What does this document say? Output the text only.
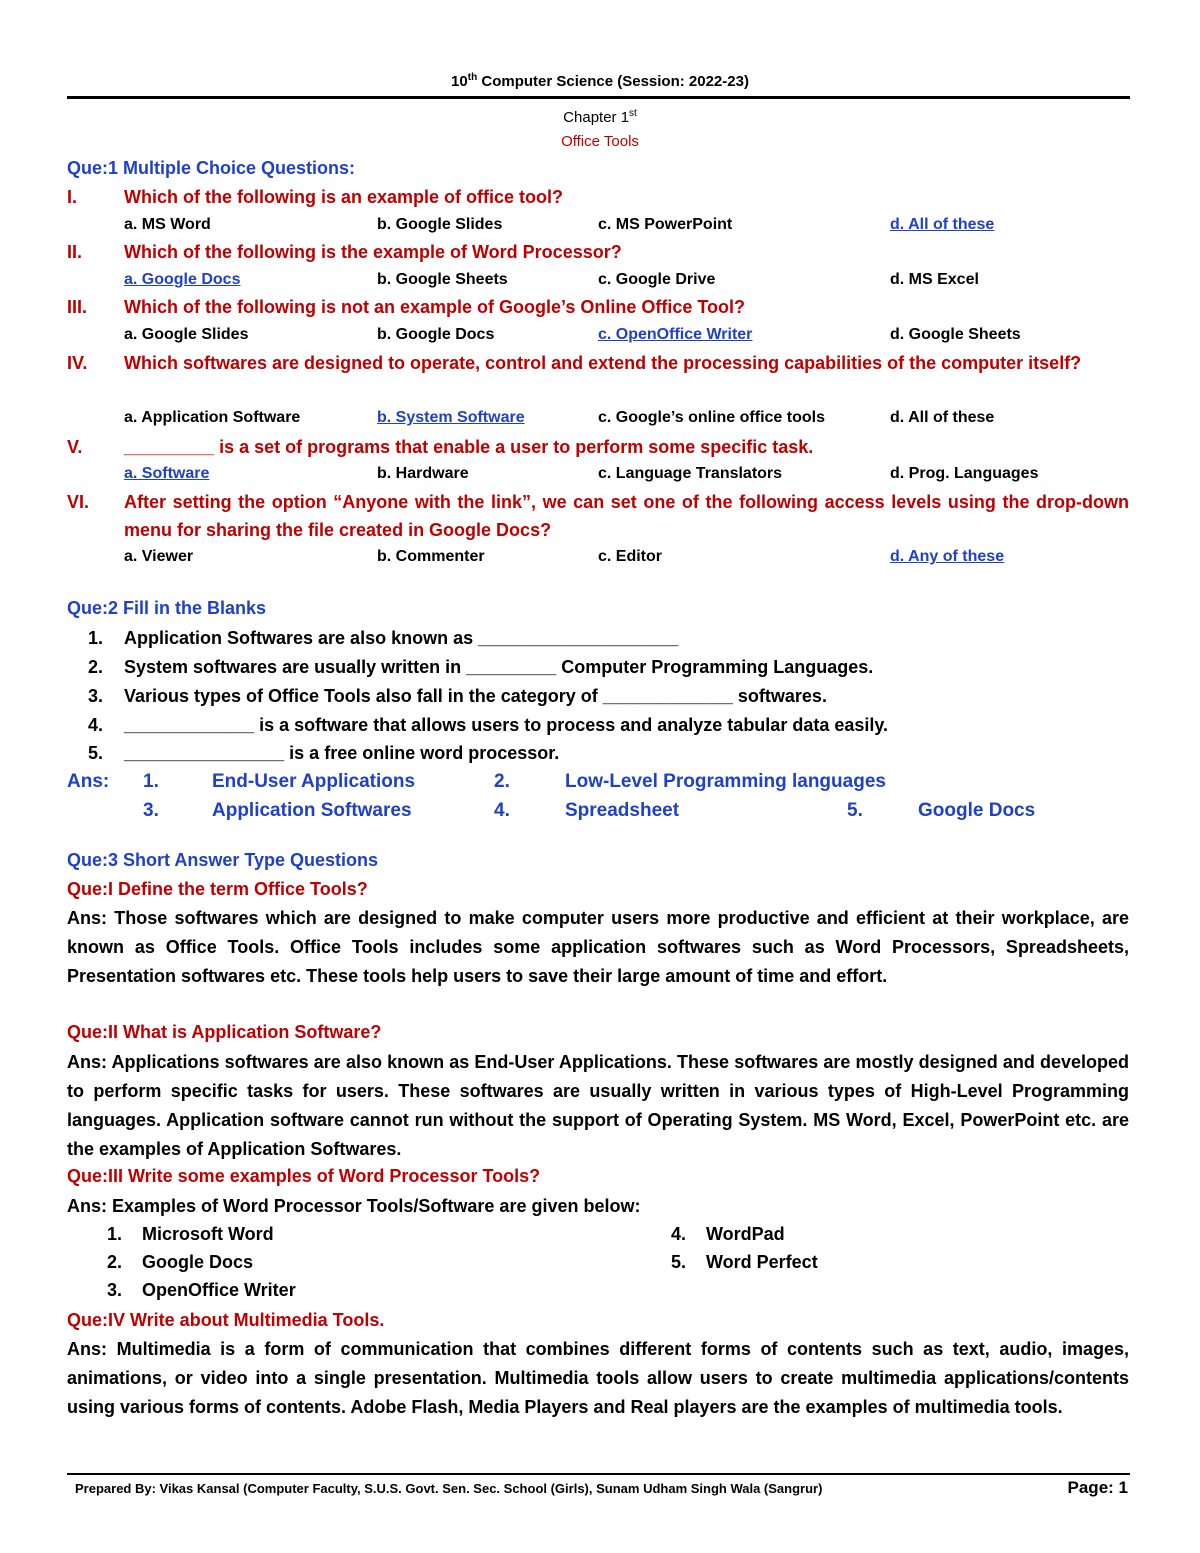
10th Computer Science (Session: 2022-23)
Chapter 1st
Office Tools
Que:1 Multiple Choice Questions:
I.	Which of the following is an example of office tool?
a. MS Word	b. Google Slides	c. MS PowerPoint	d. All of these
II.	Which of the following is the example of Word Processor?
a. Google Docs	b. Google Sheets	c. Google Drive	d. MS Excel
III.	Which of the following is not an example of Google’s Online Office Tool?
a. Google Slides	b. Google Docs	c. OpenOffice Writer	d. Google Sheets
IV.	Which softwares are designed to operate, control and extend the processing capabilities of the computer itself?
a. Application Software	b. System Software	c. Google’s online office tools	d. All of these
V.	_________ is a set of programs that enable a user to perform some specific task.
a. Software	b. Hardware	c. Language Translators	d. Prog. Languages
VI.	After setting the option “Anyone with the link”, we can set one of the following access levels using the drop-down menu for sharing the file created in Google Docs?
a. Viewer	b. Commenter	c. Editor	d. Any of these
Que:2 Fill in the Blanks
1.	Application Softwares are also known as ____________________
2.	System softwares are usually written in _________ Computer Programming Languages.
3.	Various types of Office Tools also fall in the category of _____________ softwares.
4.	_____________ is a software that allows users to process and analyze tabular data easily.
5.	________________ is a free online word processor.
Ans: 1.	End-User Applications	2.	Low-Level Programming languages
3.	Application Softwares	4.	Spreadsheet	5.	Google Docs
Que:3 Short Answer Type Questions
Que:I Define the term Office Tools?
Ans: Those softwares which are designed to make computer users more productive and efficient at their workplace, are known as Office Tools. Office Tools includes some application softwares such as Word Processors, Spreadsheets, Presentation softwares etc. These tools help users to save their large amount of time and effort.
Que:II What is Application Software?
Ans: Applications softwares are also known as End-User Applications. These softwares are mostly designed and developed to perform specific tasks for users. These softwares are usually written in various types of High-Level Programming languages. Application software cannot run without the support of Operating System. MS Word, Excel, PowerPoint etc. are the examples of Application Softwares.
Que:III Write some examples of Word Processor Tools?
Ans: Examples of Word Processor Tools/Software are given below:
1. Microsoft Word
2. Google Docs
3. OpenOffice Writer
4. WordPad
5. Word Perfect
Que:IV Write about Multimedia Tools.
Ans: Multimedia is a form of communication that combines different forms of contents such as text, audio, images, animations, or video into a single presentation. Multimedia tools allow users to create multimedia applications/contents using various forms of contents. Adobe Flash, Media Players and Real players are the examples of multimedia tools.
Prepared By: Vikas Kansal (Computer Faculty, S.U.S. Govt. Sen. Sec. School (Girls), Sunam Udham Singh Wala (Sangrur)	Page: 1
